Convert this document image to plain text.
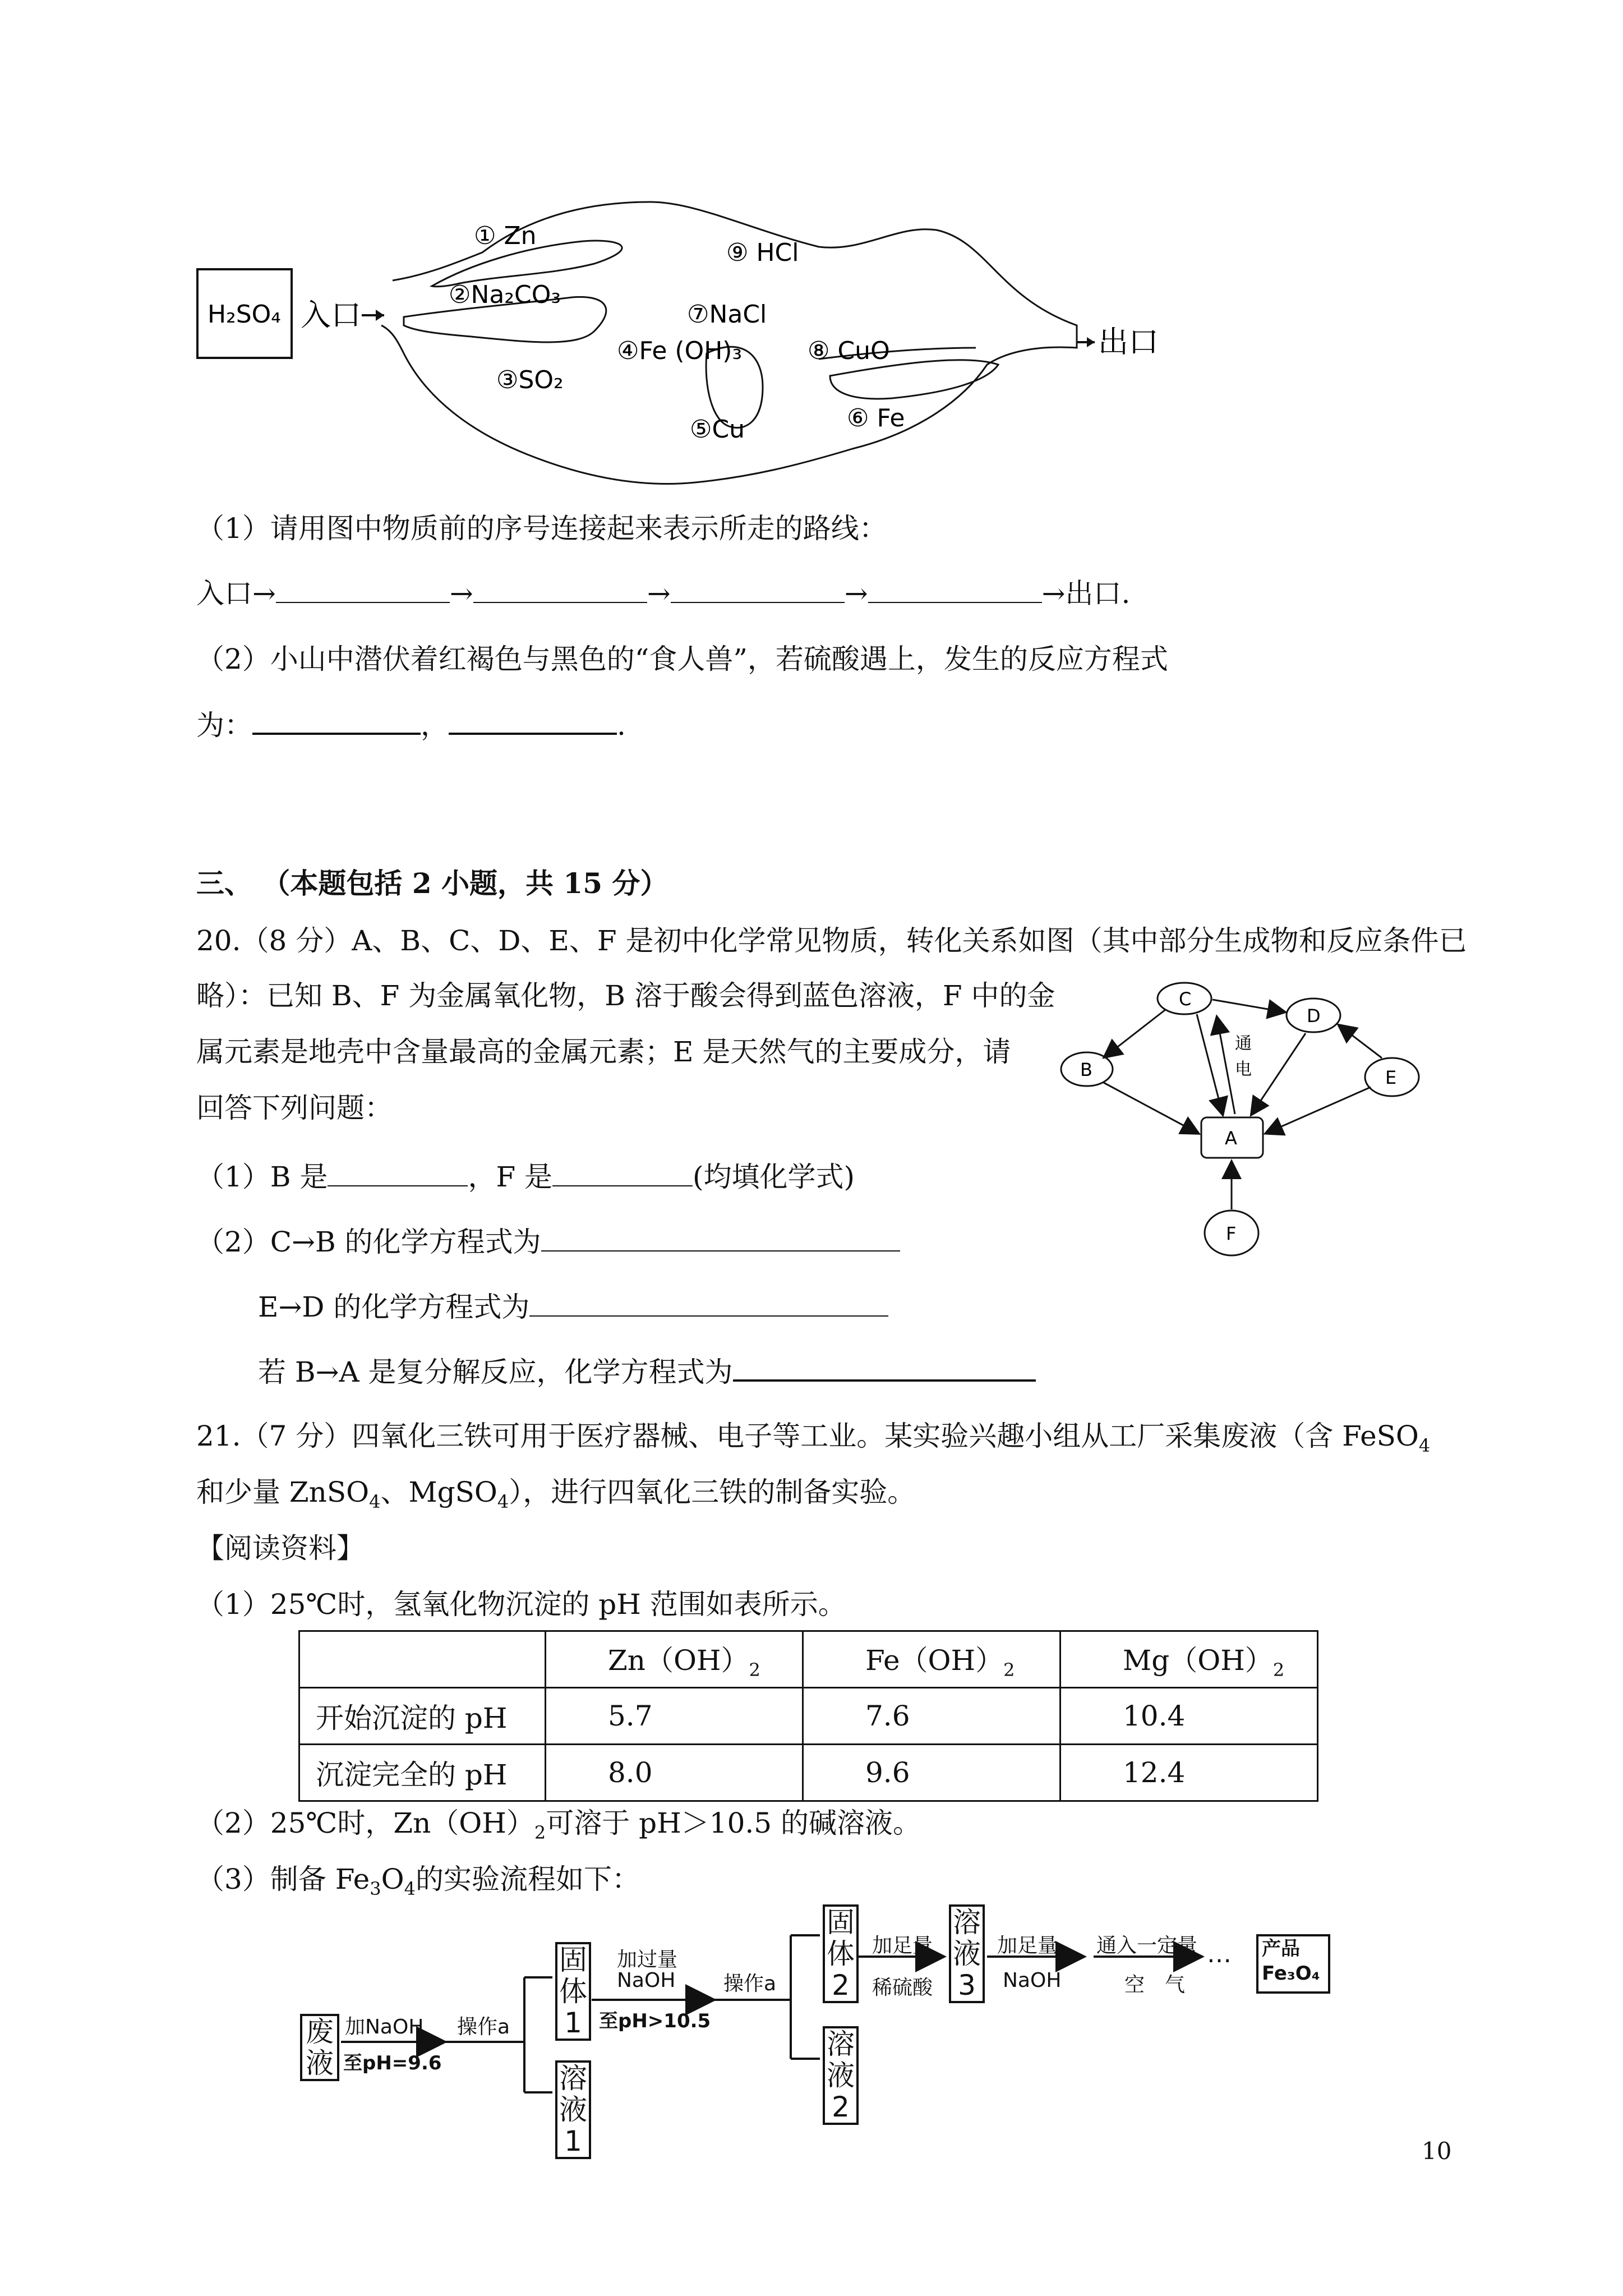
H₂SO₄ 入口
① Zn
⑨ HCl
②Na₂CO₃
⑦NaCl
④Fe (OH)₃	⑧ CuO
③SO₂
⑤Cu	⑥ Fe
出口
（1）请用图中物质前的序号连接起来表示所走的路线：
入口→	→	→	→	→出口.
（2）小山中潜伏着红褐色与黑色的“食人兽”，若硫酸遇上，发生的反应方程式
为：	，	.
三、 （本题包括 2 小题，共 15 分）
20.（8 分）A、B、C、D、E、F 是初中化学常见物质，转化关系如图（其中部分生成物和反应条件已
略）：已知 B、F 为金属氧化物，B 溶于酸会得到蓝色溶液，F 中的金
属元素是地壳中含量最高的金属元素；E 是天然气的主要成分，请
回答下列问题：
C
D
B	E
A
F
通
电
（1）B 是	，F 是	(均填化学式)
（2）C→B 的化学方程式为
E→D 的化学方程式为
若 B→A 是复分解反应，化学方程式为
21.（7 分）四氧化三铁可用于医疗器械、电子等工业。某实验兴趣小组从工厂采集废液（含 FeSO$_4$
和少量 ZnSO$_4$、MgSO$_4$），进行四氧化三铁的制备实验。
【阅读资料】
（1）25℃时，氢氧化物沉淀的 pH 范围如表所示。
	$Zn(OH)_2$	$Fe(OH)_2$	$Mg(OH)_2$
开始沉淀的 pH	5.7	7.6	10.4
沉淀完全的 pH	8.0	9.6	12.4
（2）25℃时，$Zn(OH)_2$可溶于 pH＞10.5 的碱溶液。
（3）制备 $Fe_3O_4$的实验流程如下：
废液
加NaOH
至pH=9.6
操作a
固体1
溶液1
加过量
NaOH
至pH>10.5
操作a
固体2
溶液2
加足量
稀硫酸
溶液3
加足量
NaOH
通入一定量
空　气
… 产品
Fe₃O₄
10
